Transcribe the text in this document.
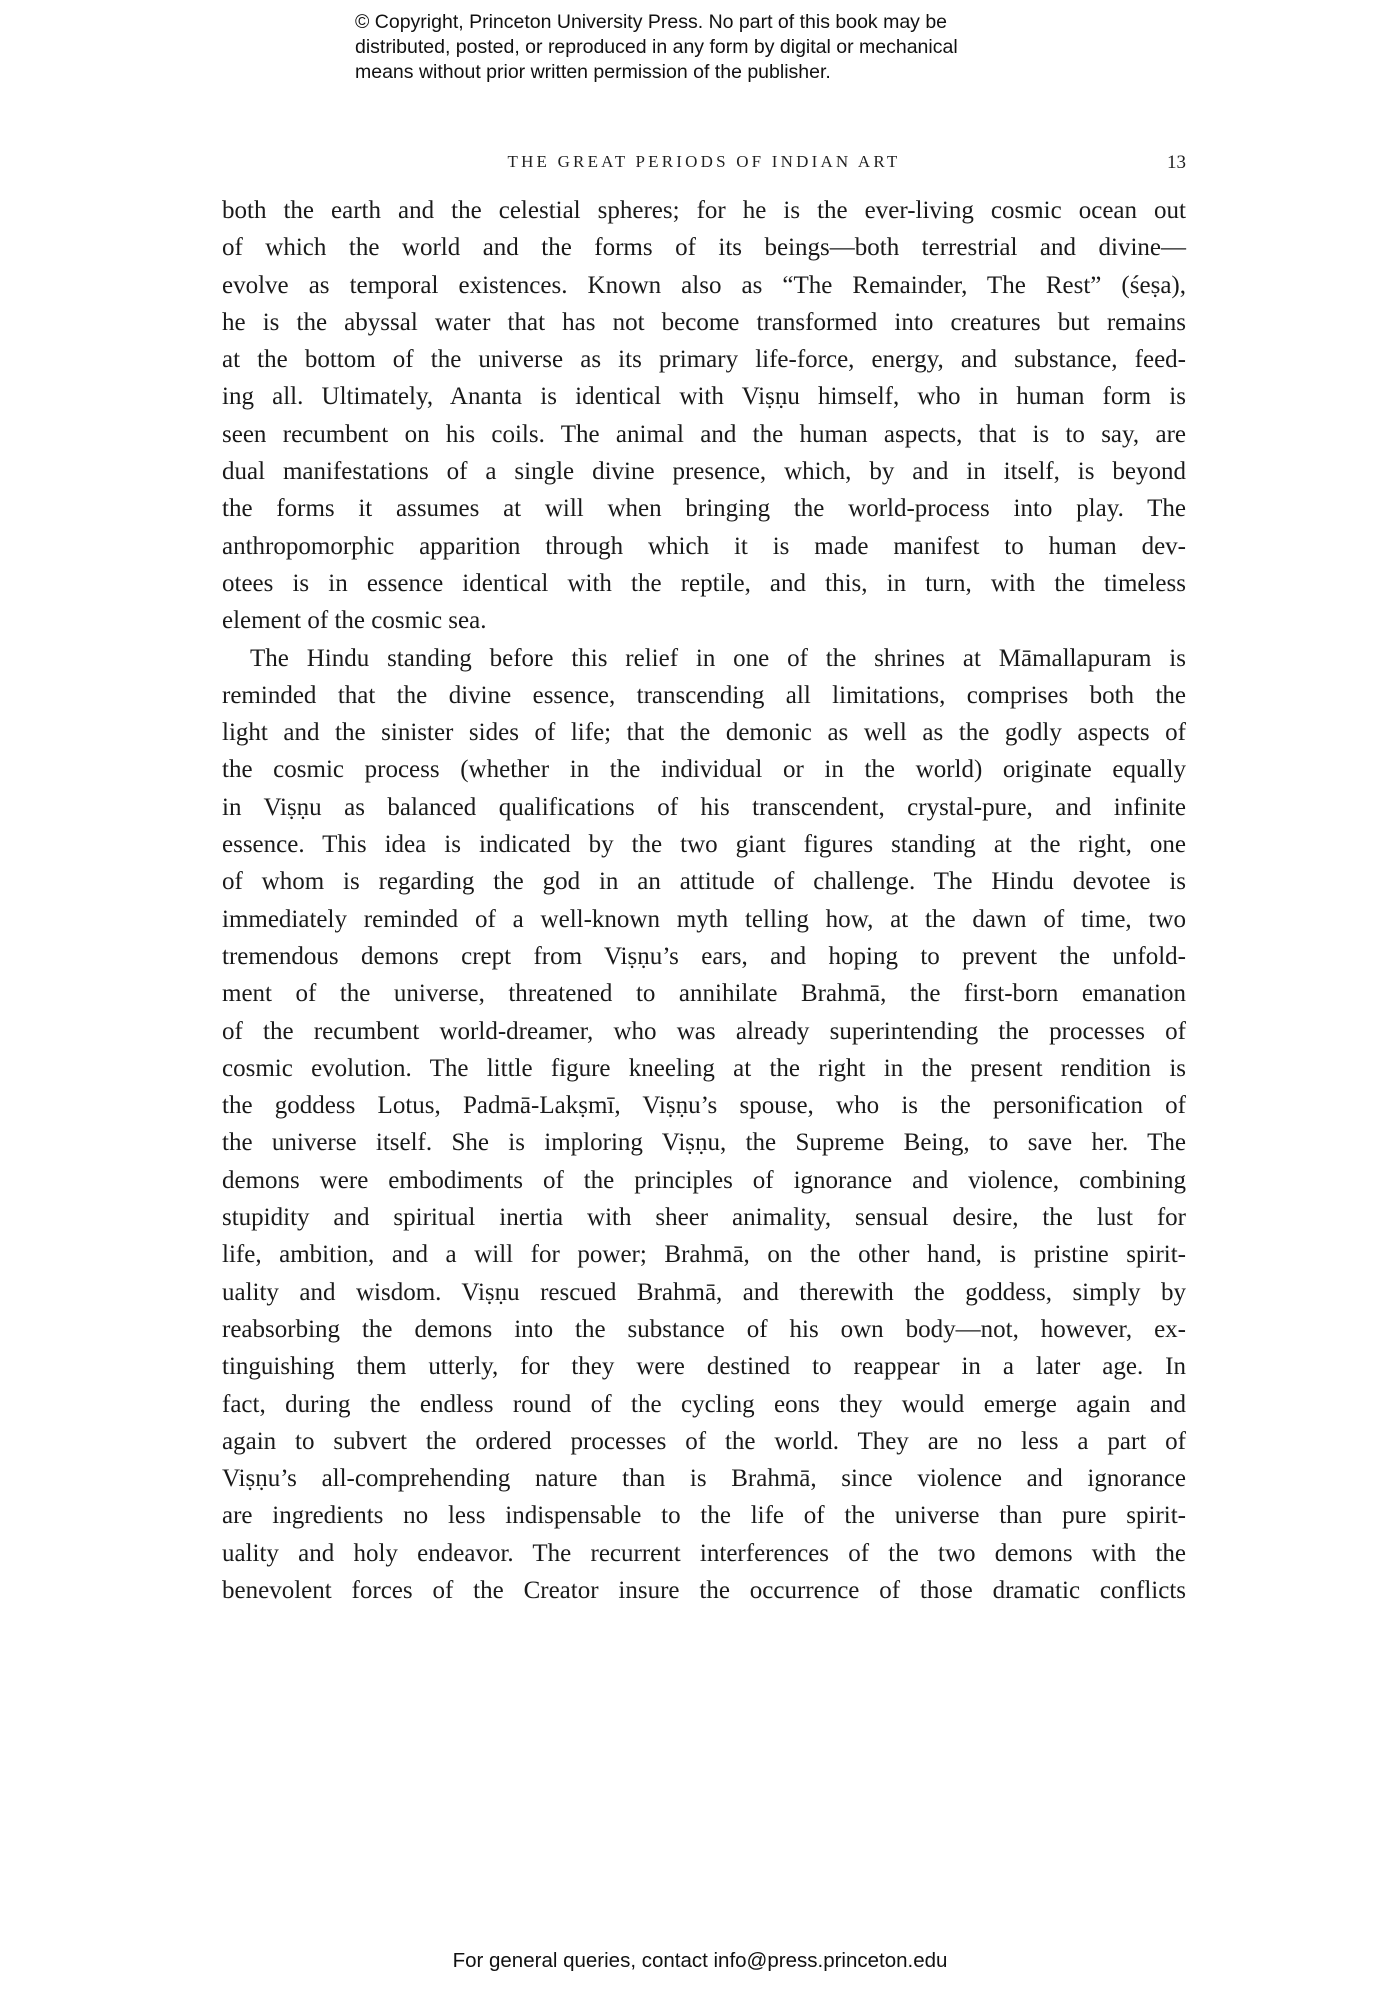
© Copyright, Princeton University Press. No part of this book may be
distributed, posted, or reproduced in any form by digital or mechanical
means without prior written permission of the publisher.
THE GREAT PERIODS OF INDIAN ART	13
both the earth and the celestial spheres; for he is the ever-living cosmic ocean out
of which the world and the forms of its beings—both terrestrial and divine—
evolve as temporal existences. Known also as “The Remainder, The Rest” (śeṣa),
he is the abyssal water that has not become transformed into creatures but remains
at the bottom of the universe as its primary life-force, energy, and substance, feed-
ing all. Ultimately, Ananta is identical with Viṣṇu himself, who in human form is
seen recumbent on his coils. The animal and the human aspects, that is to say, are
dual manifestations of a single divine presence, which, by and in itself, is beyond
the forms it assumes at will when bringing the world-process into play. The
anthropomorphic apparition through which it is made manifest to human dev-
otees is in essence identical with the reptile, and this, in turn, with the timeless
element of the cosmic sea.
The Hindu standing before this relief in one of the shrines at Māmallapuram is
reminded that the divine essence, transcending all limitations, comprises both the
light and the sinister sides of life; that the demonic as well as the godly aspects of
the cosmic process (whether in the individual or in the world) originate equally
in Viṣṇu as balanced qualifications of his transcendent, crystal-pure, and infinite
essence. This idea is indicated by the two giant figures standing at the right, one
of whom is regarding the god in an attitude of challenge. The Hindu devotee is
immediately reminded of a well-known myth telling how, at the dawn of time, two
tremendous demons crept from Viṣṇu’s ears, and hoping to prevent the unfold-
ment of the universe, threatened to annihilate Brahmā, the first-born emanation
of the recumbent world-dreamer, who was already superintending the processes of
cosmic evolution. The little figure kneeling at the right in the present rendition is
the goddess Lotus, Padmā-Lakṣmī, Viṣṇu’s spouse, who is the personification of
the universe itself. She is imploring Viṣṇu, the Supreme Being, to save her. The
demons were embodiments of the principles of ignorance and violence, combining
stupidity and spiritual inertia with sheer animality, sensual desire, the lust for
life, ambition, and a will for power; Brahmā, on the other hand, is pristine spirit-
uality and wisdom. Viṣṇu rescued Brahmā, and therewith the goddess, simply by
reabsorbing the demons into the substance of his own body—not, however, ex-
tinguishing them utterly, for they were destined to reappear in a later age. In
fact, during the endless round of the cycling eons they would emerge again and
again to subvert the ordered processes of the world. They are no less a part of
Viṣṇu’s all-comprehending nature than is Brahmā, since violence and ignorance
are ingredients no less indispensable to the life of the universe than pure spirit-
uality and holy endeavor. The recurrent interferences of the two demons with the
benevolent forces of the Creator insure the occurrence of those dramatic conflicts
For general queries, contact info@press.princeton.edu
